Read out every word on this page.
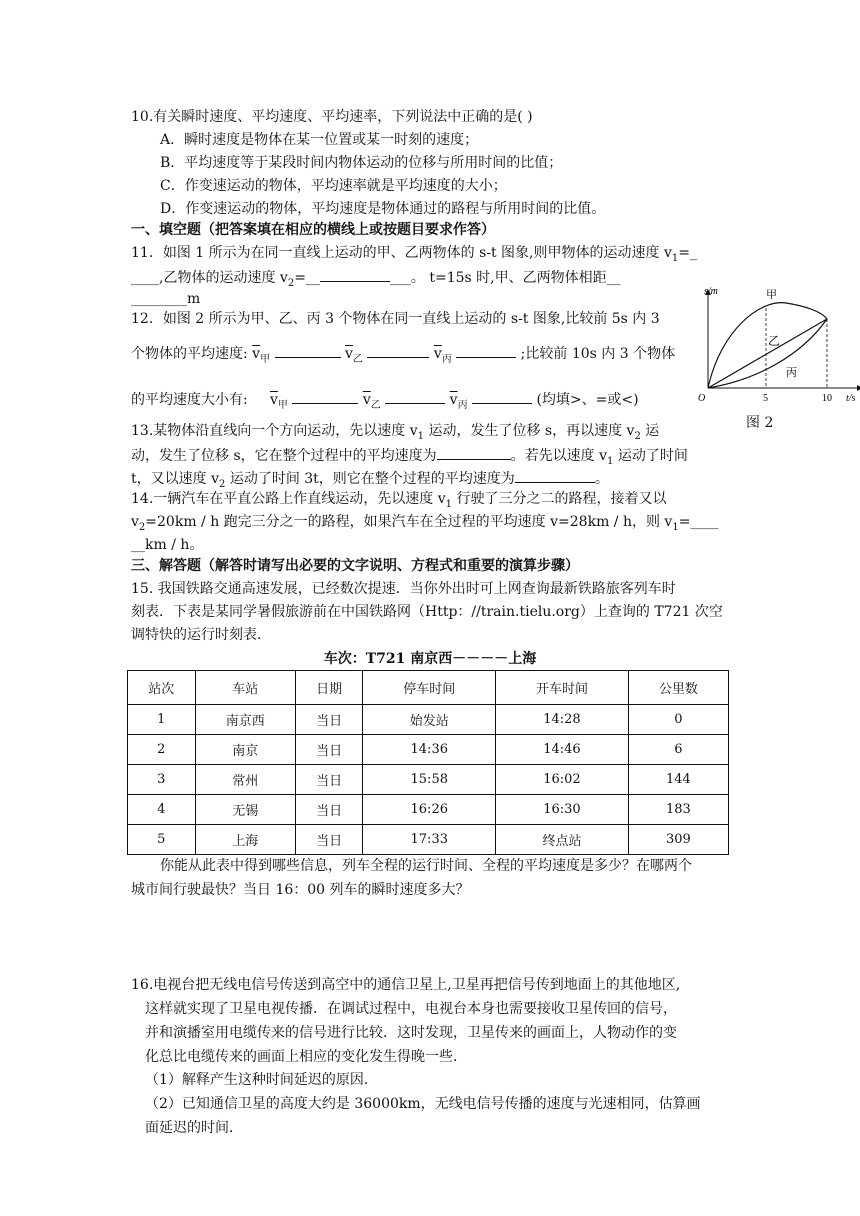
10.有关瞬时速度、平均速度、平均速率，下列说法中正确的是( )
A．瞬时速度是物体在某一位置或某一时刻的速度；
B．平均速度等于某段时间内物体运动的位移与所用时间的比值；
C．作变速运动的物体，平均速率就是平均速度的大小；
D．作变速运动的物体，平均速度是物体通过的路程与所用时间的比值。
一、填空题（把答案填在相应的横线上或按题目要求作答）
11．如图 1 所示为在同一直线上运动的甲、乙两物体的 s-t 图象,则甲物体的运动速度 $v_1=\_$
____,乙物体的运动速度 $v_2=\_\_$	___。 t=15s 时,甲、乙两物体相距__
________m
12．如图 2 所示为甲、乙、丙 3 个物体在同一直线上运动的 s-t 图象,比较前 5s 内 3
个物体的平均速度: $\overline{v}_甲$	$\overline{v}_乙$	$\overline{v}_丙$	;比较前 10s 内 3 个物体
的平均速度大小有:     $\overline{v}_甲$	$\overline{v}_乙$	$\overline{v}_丙$	(均填>、=或<)
s/m
t/s
O	5	10
甲
乙
丙
图 2
13.某物体沿直线向一个方向运动，先以速度 $v_1$ 运动，发生了位移 s，再以速度 $v_2$ 运
动，发生了位移 s，它在整个过程中的平均速度为	。若先以速度 $v_1$ 运动了时间
t，又以速度 $v_2$ 运动了时间 3t，则它在整个过程的平均速度为	。
14.一辆汽车在平直公路上作直线运动，先以速度 $v_1$ 行驶了三分之二的路程，接着又以
$v_2=20km / h$ 跑完三分之一的路程，如果汽车在全过程的平均速度 v=28km / h，则 $v_1=\_\_\_\_$
__km / h。
三、解答题（解答时请写出必要的文字说明、方程式和重要的演算步骤）
15. 我国铁路交通高速发展，已经数次提速．当你外出时可上网查询最新铁路旅客列车时
刻表．下表是某同学暑假旅游前在中国铁路网（Http：//train.tielu.org）上查询的 T721 次空
调特快的运行时刻表．
车次：T721 南京西－－－－上海
站次	车站	日期	停车时间	开车时间	公里数
1	南京西	当日	始发站	14:28	0
2	南京	当日	14:36	14:46	6
3	常州	当日	15:58	16:02	144
4	无锡	当日	16:26	16:30	183
5	上海	当日	17:33	终点站	309
你能从此表中得到哪些信息，列车全程的运行时间、全程的平均速度是多少？在哪两个
城市间行驶最快？当日 16：00 列车的瞬时速度多大？
16.电视台把无线电信号传送到高空中的通信卫星上,卫星再把信号传到地面上的其他地区,
这样就实现了卫星电视传播．在调试过程中，电视台本身也需要接收卫星传回的信号，
并和演播室用电缆传来的信号进行比较．这时发现，卫星传来的画面上，人物动作的变
化总比电缆传来的画面上相应的变化发生得晚一些．
（1）解释产生这种时间延迟的原因．
（2）已知通信卫星的高度大约是 36000km，无线电信号传播的速度与光速相同，估算画
面延迟的时间．
